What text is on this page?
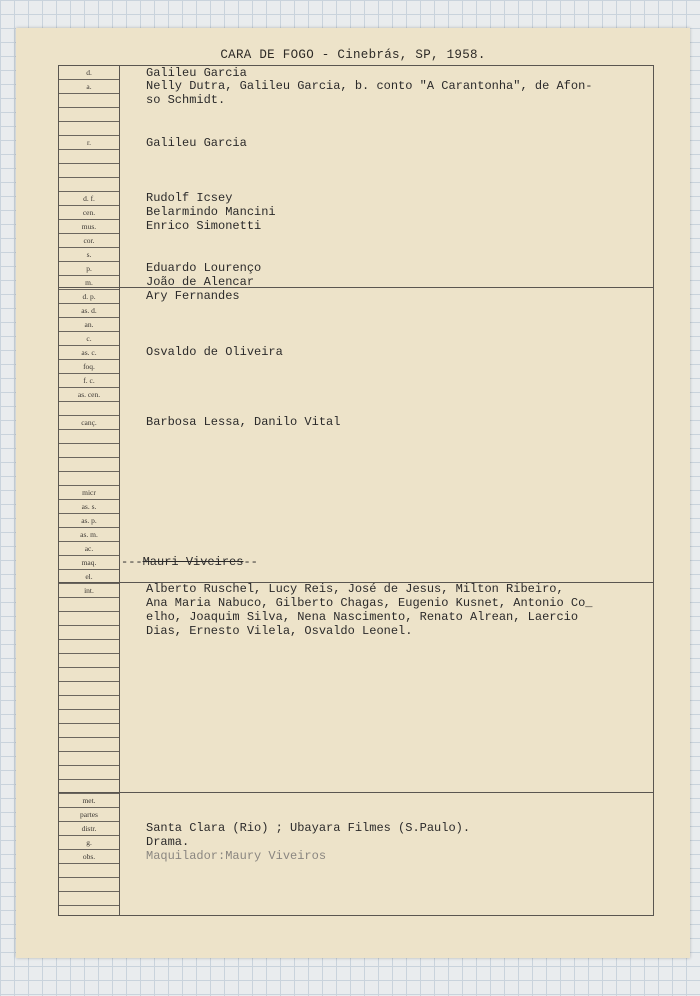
CARA DE FOGO - Cinebrás, SP, 1958.
d.
a.
r.
d. f.
cen.
mus.
cor.
s.
p.
m.
d. p.
as. d.
an.
c.
as. c.
foq.
f. c.
as. cen.
canç.
micr
as. s.
as. p.
as. m.
ac.
maq.
el.
int.
met.
partes
distr.
g.
obs.
Galileu Garcia
Nelly Dutra, Galileu Garcia, b. conto "A Carantonha", de Afon-
so Schmidt.
Galileu Garcia
Rudolf Icsey
Belarmindo Mancini
Enrico Simonetti
Eduardo Lourenço
João de Alencar
Ary Fernandes
Osvaldo de Oliveira
Barbosa Lessa, Danilo Vital
---Mauri Viveires--
Alberto Ruschel, Lucy Reis, José de Jesus, Milton Ribeiro,
Ana Maria Nabuco, Gilberto Chagas, Eugenio Kusnet, Antonio Co_
elho, Joaquim Silva, Nena Nascimento, Renato Alrean, Laercio
Dias, Ernesto Vilela, Osvaldo Leonel.
Santa Clara (Rio) ; Ubayara Filmes (S.Paulo).
Drama.
Maquilador:Maury Viveiros
